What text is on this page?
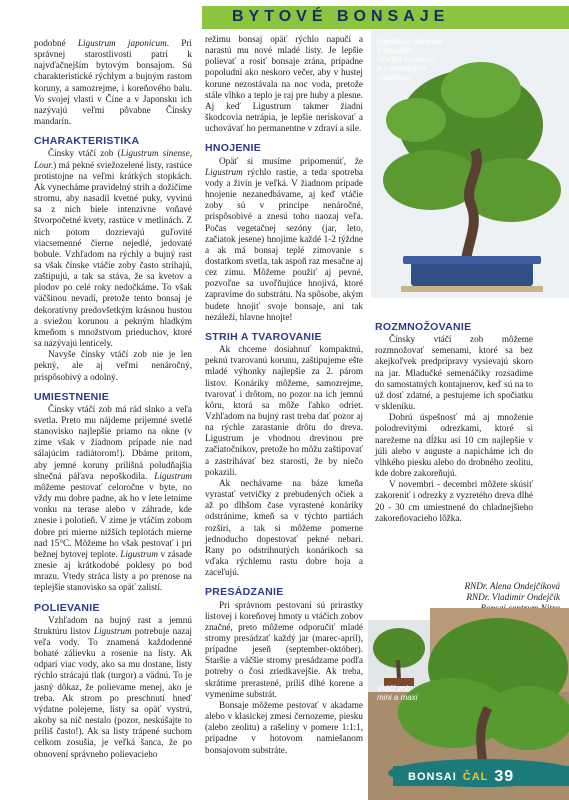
BYTOVÉ BONSAJE

podobné Ligustrum japonicum. Pri správnej starostlivosti patrí k najvďačnejším bytovým bonsajom. Sú charakteristické rýchlym a bujným rastom koruny, a samozrejme, i koreňového balu. Vo svojej vlasti v Číne a v Japonsku ich nazývajú veľmi pôvabne Čínsky mandarín.

CHARAKTERISTIKA

Čínsky vtáčí zob (Ligustrum sinense, Lour.) má pekné sviežozelené listy, rastúce protistojne na veľmi krátkých stopkách. Ak vynecháme pravidelný strih a dožičíme stromu, aby nasadil kvetné puky, vyvinú sa z nich biele intenzívne voňavé štvorpočetné kvety, rastúce v metlinách. Z nich potom dozrievajú guľovité viacsemenné čierne nejedlé, jedovaté bobule. Vzhľadom na rýchly a bujný rast sa však čínske vtáčie zoby často strihajú, zaštipujú, a tak sa stáva, že sa kvetov a plodov po celé roky nedočkáme. To však väčšinou nevadí, pretože tento bonsaj je dekoratívny predovšetkým krásnou hustou a sviežou korunou a pekným hladkým kmeňom s množstvom prieduchov, ktoré sa nazývajú lenticely.

Navyše čínsky vtáčí zob nie je len pekný, ale aj veľmi nenáročný, prispôsobivý a odolný.

UMIESTNENIE

Čínsky vtáčí zob má rád slnko a veľa svetla. Preto mu nájdeme príjemné svetlé stanovisko najlepšie priamo na okne (v zime však v žiadnom prípade nie nad sálajúcim radiátorom!). Dbáme pritom, aby jemné koruny prílišná poludňajšia slnečná páľava nepoškodila. Ligustrum môžeme pestovať celoročne v byte, no vždy mu dobre padne, ak ho v lete letnime vonku na terase alebo v záhrade, kde znesie i polotieň. V zime je vtáčím zobom dobre pri mierne nižších teplotách mierne nad 15°C. Môžeme ho však pestovať i pri bežnej bytovej teplote. Ligustrum v zásade znesie aj krátkodobé poklesy po bod mrazu. Vtedy stráca listy a po prenose na teplejšie stanovisko sa opäť zalistí.

POLIEVANIE

Vzhľadom na bujný rast a jemnú štruktúru listov Ligustrum potrebuje nazaj veľa vody. To znamená každodenné bohaté zálievku a rosenie na listy. Ak odparí viac vody, ako sa mu dostane, listy rýchlo strácajú tlak (turgor) a vädnú. To je jasný dôkaz, že polievame menej, ako je treba. Ak strom po preschnutí hneď výdatne polejeme, listy sa opäť vystrú, akoby sa nič nestalo (pozor, neskúšajte to príliš často!). Ak sa listy trápené suchom celkom zosušia, je veľká šanca, že po obnovení správneho polievacieho

režimu bonsaj opäť rýchlo napučí a narastú mu nové mladé listy. Je lepšie polievať a rosiť bonsaje zrána, prípadne popoludní ako neskoro večer, aby v hustej korune nezostávala na noc voda, pretože stále vlhko a teplo je raj pre huby a plesne. Aj keď Ligustrum takmer žiadni škodcovia netrápia, je lepšie neriskovať a uchovávať ho permanentne v zdraví a sile.

HNOJENIE

Opäť si musíme pripomenúť, že Ligustrum rýchlo rastie, a teda spotreba vody a živín je veľká. V žiadnom prípade hnojenie nezanedbávame, aj keď vtáčie zoby sú v princípe nenáročné, prispôsobivé a znesú toho naozaj veľa. Počas vegetačnej sezóny (jar, leto, začiatok jesene) hnojíme každé 1-2 týždne a ak má bonsaj teplé zimovanie s dostatkom svetla, tak aspoň raz mesačne aj cez zimu. Môžeme použiť aj pevné, pozvoľne sa uvoľňujúce hnojivá, ktoré zapravíme do substrátu. Na spôsobe, akým budete hnojiť svoje bonsaje, ani tak nezáleží, hlavne hnojte!

STRIH A TVAROVANIE

Ak chceme dosiahnuť kompaktnú, peknú tvarovanú korunu, zaštipujeme ešte mladé výhonky najlepšie za 2. párom listov. Konáriky môžeme, samozrejme, tvarovať i drôtom, no pozor na ich jemnú kôru, ktorá sa môže ľahko odriet. Vzhľadom na bujný rast treba dať pozor aj na rýchle zarastanie drôtu do dreva. Ligustrum je vhodnou drevinou pre začiatočníkov, pretože ho môžu zaštipovať a zastrihávať bez starostí, že by niečo pokazili.

Ak nechávame na báze kmeňa vyrastať vetvičky z prebudených očiek a až po dlhšom čase vyrastené konáriky odstránime, kmeň sa v týchto partiách rozšíri, a tak si môžeme pomerne jednoducho dopestovať pekné nebari. Rany po odstrihnutých konárikoch sa vďaka rýchlemu rastu dobre hoja a zaceľujú.

PRESÁDZANIE

Pri správnom pestovaní sú prírastky listovej i koreňovej hmoty u vtáčích zobov značné, preto môžeme odporučiť mladé stromy presádzať každý jar (marec-apríl), prípadne jeseň (september-október). Staršie a väčšie stromy presádzame podľa potreby o čosi zriedkavejšie. Ak treba, skrátime prerastené, príliš dlhé korene a vymeníme substrát.

Bonsaje môžeme pestovať v akadame alebo v klasickej zmesi černozeme, piesku (alebo zeolitu) a rašeliny v pomere 1:1:1, prípadne v hotovom namiešanom bonsajovom substráte.

Ligustrum sinense
s typickým
vlnitým kmeňom
a tvarovanými
obláčikmi
ROZMNOŽOVANIE

Čínsky vtáčí zob môžeme rozmnožovať semenami, ktoré sa bez akejkoľvek predprípravy vysievajú skoro na jar. Mladučké semenáčiky rozsadíme do samostatných kontajnerov, keď sú na to už dosť zdatné, a pestujeme ich spočiatku v skleníku.

Dobrú úspešnosť má aj množenie polodrevitými odrezkami, ktoré si narežeme na dĺžku asi 10 cm najlepšie v júli alebo v auguste a napicháme ich do vlhkého piesku alebo do drobného zeolitu, kde dobre zakoreňujú.

V novembri - decembri môžete skúsiť zakoreniť i odrezky z vyzretého dreva dlhé 20 - 30 cm umiestnené do chladnejšieho zakoreňovacieho lôžka.

RNDr. Alena Ondejčíková
RNDr. Vladimír Ondejčík
Vtáčí zob
mini a maxi
BONSAI ČAL 39
